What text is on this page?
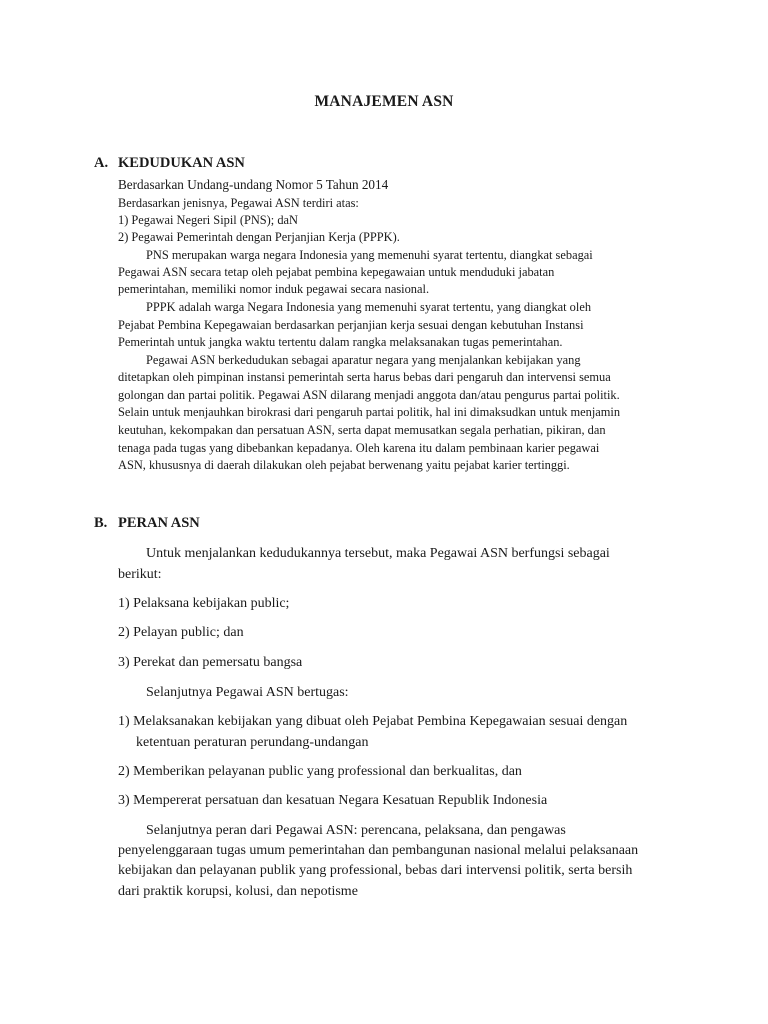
MANAJEMEN ASN
A. KEDUDUKAN ASN
Berdasarkan Undang-undang Nomor 5 Tahun 2014
Berdasarkan jenisnya, Pegawai ASN terdiri atas:
1) Pegawai Negeri Sipil (PNS); daN
2) Pegawai Pemerintah dengan Perjanjian Kerja (PPPK).
PNS merupakan warga negara Indonesia yang memenuhi syarat tertentu, diangkat sebagai
Pegawai ASN secara tetap oleh pejabat pembina kepegawaian untuk menduduki jabatan
pemerintahan, memiliki nomor induk pegawai secara nasional.
PPPK adalah warga Negara Indonesia yang memenuhi syarat tertentu, yang diangkat oleh
Pejabat Pembina Kepegawaian berdasarkan perjanjian kerja sesuai dengan kebutuhan Instansi
Pemerintah untuk jangka waktu tertentu dalam rangka melaksanakan tugas pemerintahan.
Pegawai ASN berkedudukan sebagai aparatur negara yang menjalankan kebijakan yang
ditetapkan oleh pimpinan instansi pemerintah serta harus bebas dari pengaruh dan intervensi semua
golongan dan partai politik. Pegawai ASN dilarang menjadi anggota dan/atau pengurus partai politik.
Selain untuk menjauhkan birokrasi dari pengaruh partai politik, hal ini dimaksudkan untuk menjamin
keutuhan, kekompakan dan persatuan ASN, serta dapat memusatkan segala perhatian, pikiran, dan
tenaga pada tugas yang dibebankan kepadanya. Oleh karena itu dalam pembinaan karier pegawai
ASN, khususnya di daerah dilakukan oleh pejabat berwenang yaitu pejabat karier tertinggi.
B. PERAN ASN
Untuk menjalankan kedudukannya tersebut, maka Pegawai ASN berfungsi sebagai
berikut:
1) Pelaksana kebijakan public;
2) Pelayan public; dan
3) Perekat dan pemersatu bangsa
Selanjutnya Pegawai ASN bertugas:
1) Melaksanakan kebijakan yang dibuat oleh Pejabat Pembina Kepegawaian sesuai dengan
ketentuan peraturan perundang-undangan
2) Memberikan pelayanan public yang professional dan berkualitas, dan
3) Mempererat persatuan dan kesatuan Negara Kesatuan Republik Indonesia
Selanjutnya peran dari Pegawai ASN: perencana, pelaksana, dan pengawas
penyelenggaraan tugas umum pemerintahan dan pembangunan nasional melalui pelaksanaan
kebijakan dan pelayanan publik yang professional, bebas dari intervensi politik, serta bersih
dari praktik korupsi, kolusi, dan nepotisme
